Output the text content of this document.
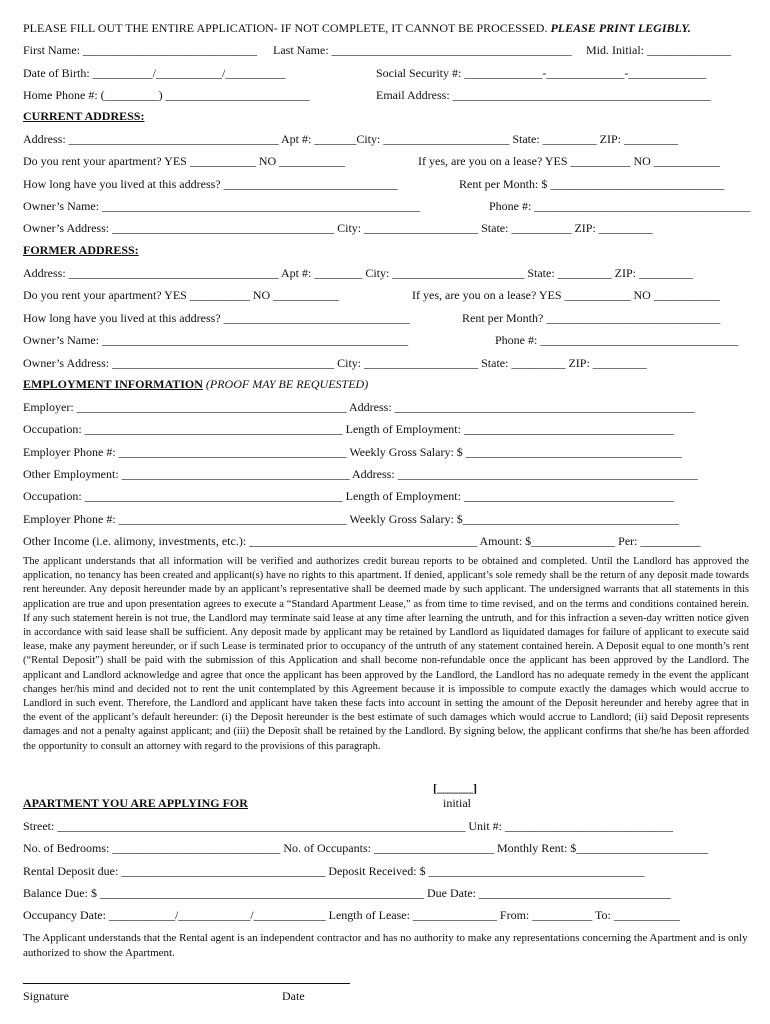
PLEASE FILL OUT THE ENTIRE APPLICATION- IF NOT COMPLETE, IT CANNOT BE PROCESSED. PLEASE PRINT LEGIBLY.
First Name: _____________________________ Last Name: ________________________________________ Mid. Initial: ______________
Date of Birth: __________/___________/__________	Social Security #: _____________-_____________-_____________
Home Phone #: (_________) ________________________	Email Address: ___________________________________________
CURRENT ADDRESS:
Address: ___________________________________ Apt #: _______City: _____________________ State: _________ ZIP: _________
Do you rent your apartment? YES ___________ NO ___________	If yes, are you on a lease? YES __________ NO ___________
How long have you lived at this address? _____________________________	Rent per Month: $ _____________________________
Owner’s Name: _____________________________________________________	Phone #: ____________________________________
Owner’s Address: _____________________________________ City: ___________________ State: __________ ZIP: _________
FORMER ADDRESS:
Address: ___________________________________ Apt #: ________ City: ______________________ State: _________ ZIP: _________
Do you rent your apartment? YES __________ NO ___________	If yes, are you on a lease? YES ___________ NO ___________
How long have you lived at this address? _______________________________	Rent per Month? _____________________________
Owner’s Name: ___________________________________________________	Phone #: _________________________________
Owner’s Address: _____________________________________ City: ___________________ State: _________ ZIP: _________
EMPLOYMENT INFORMATION (PROOF MAY BE REQUESTED)
Employer: _____________________________________________ Address: __________________________________________________
Occupation: ___________________________________________ Length of Employment: ___________________________________
Employer Phone #: ______________________________________ Weekly Gross Salary: $ ____________________________________
Other Employment: ______________________________________ Address: __________________________________________________
Occupation: ___________________________________________ Length of Employment: ___________________________________
Employer Phone #: ______________________________________ Weekly Gross Salary: $____________________________________
Other Income (i.e. alimony, investments, etc.): ______________________________________ Amount: $______________ Per: __________

The applicant understands that all information will be verified and authorizes credit bureau reports to be obtained and completed. Until the Landlord has approved the application, no tenancy has been created and applicant(s) have no rights to this apartment. If denied, applicant’s sole remedy shall be the return of any deposit made towards rent hereunder. Any deposit hereunder made by an applicant’s representative shall be deemed made by such applicant. The undersigned warrants that all statements in this application are true and upon presentation agrees to execute a “Standard Apartment Lease,” as from time to time revised, and on the terms and conditions contained herein. If any such statement herein is not true, the Landlord may terminate said lease at any time after learning the untruth, and for this infraction a seven-day written notice given in accordance with said lease shall be sufficient. Any deposit made by applicant may be retained by Landlord as liquidated damages for failure of applicant to execute said lease, make any payment hereunder, or if such Lease is terminated prior to occupancy of the untruth of any statement contained herein. A Deposit equal to one month’s rent (“Rental Deposit”) shall be paid with the submission of this Application and shall become non-refundable once the applicant has been approved by the Landlord. The applicant and Landlord acknowledge and agree that once the applicant has been approved by the Landlord, the Landlord has no adequate remedy in the event the applicant changes her/his mind and decided not to rent the unit contemplated by this Agreement because it is impossible to compute exactly the damages which would accrue to Landlord in such event. Therefore, the Landlord and applicant have taken these facts into account in setting the amount of the Deposit hereunder and hereby agree that in the event of the applicant’s default hereunder: (i) the Deposit hereunder is the best estimate of such damages which would accrue to Landlord; (ii) said Deposit represents damages and not a penalty against applicant; and (iii) the Deposit shall be retained by the Landlord. By signing below, the applicant confirms that she/he has been afforded the opportunity to consult an attorney with regard to the provisions of this paragraph.

[______]
initial
APARTMENT YOU ARE APPLYING FOR
Street: ____________________________________________________________________ Unit #: ____________________________
No. of Bedrooms: ____________________________ No. of Occupants: ____________________ Monthly Rent: $______________________
Rental Deposit due: __________________________________ Deposit Received: $ ____________________________________
Balance Due: $ ______________________________________________________ Due Date: ________________________________
Occupancy Date: ___________/____________/____________ Length of Lease: ______________ From: __________ To: ___________

The Applicant understands that the Rental agent is an independent contractor and has no authority to make any representations concerning the Apartment and is only authorized to show the Apartment.

Signature	Date
